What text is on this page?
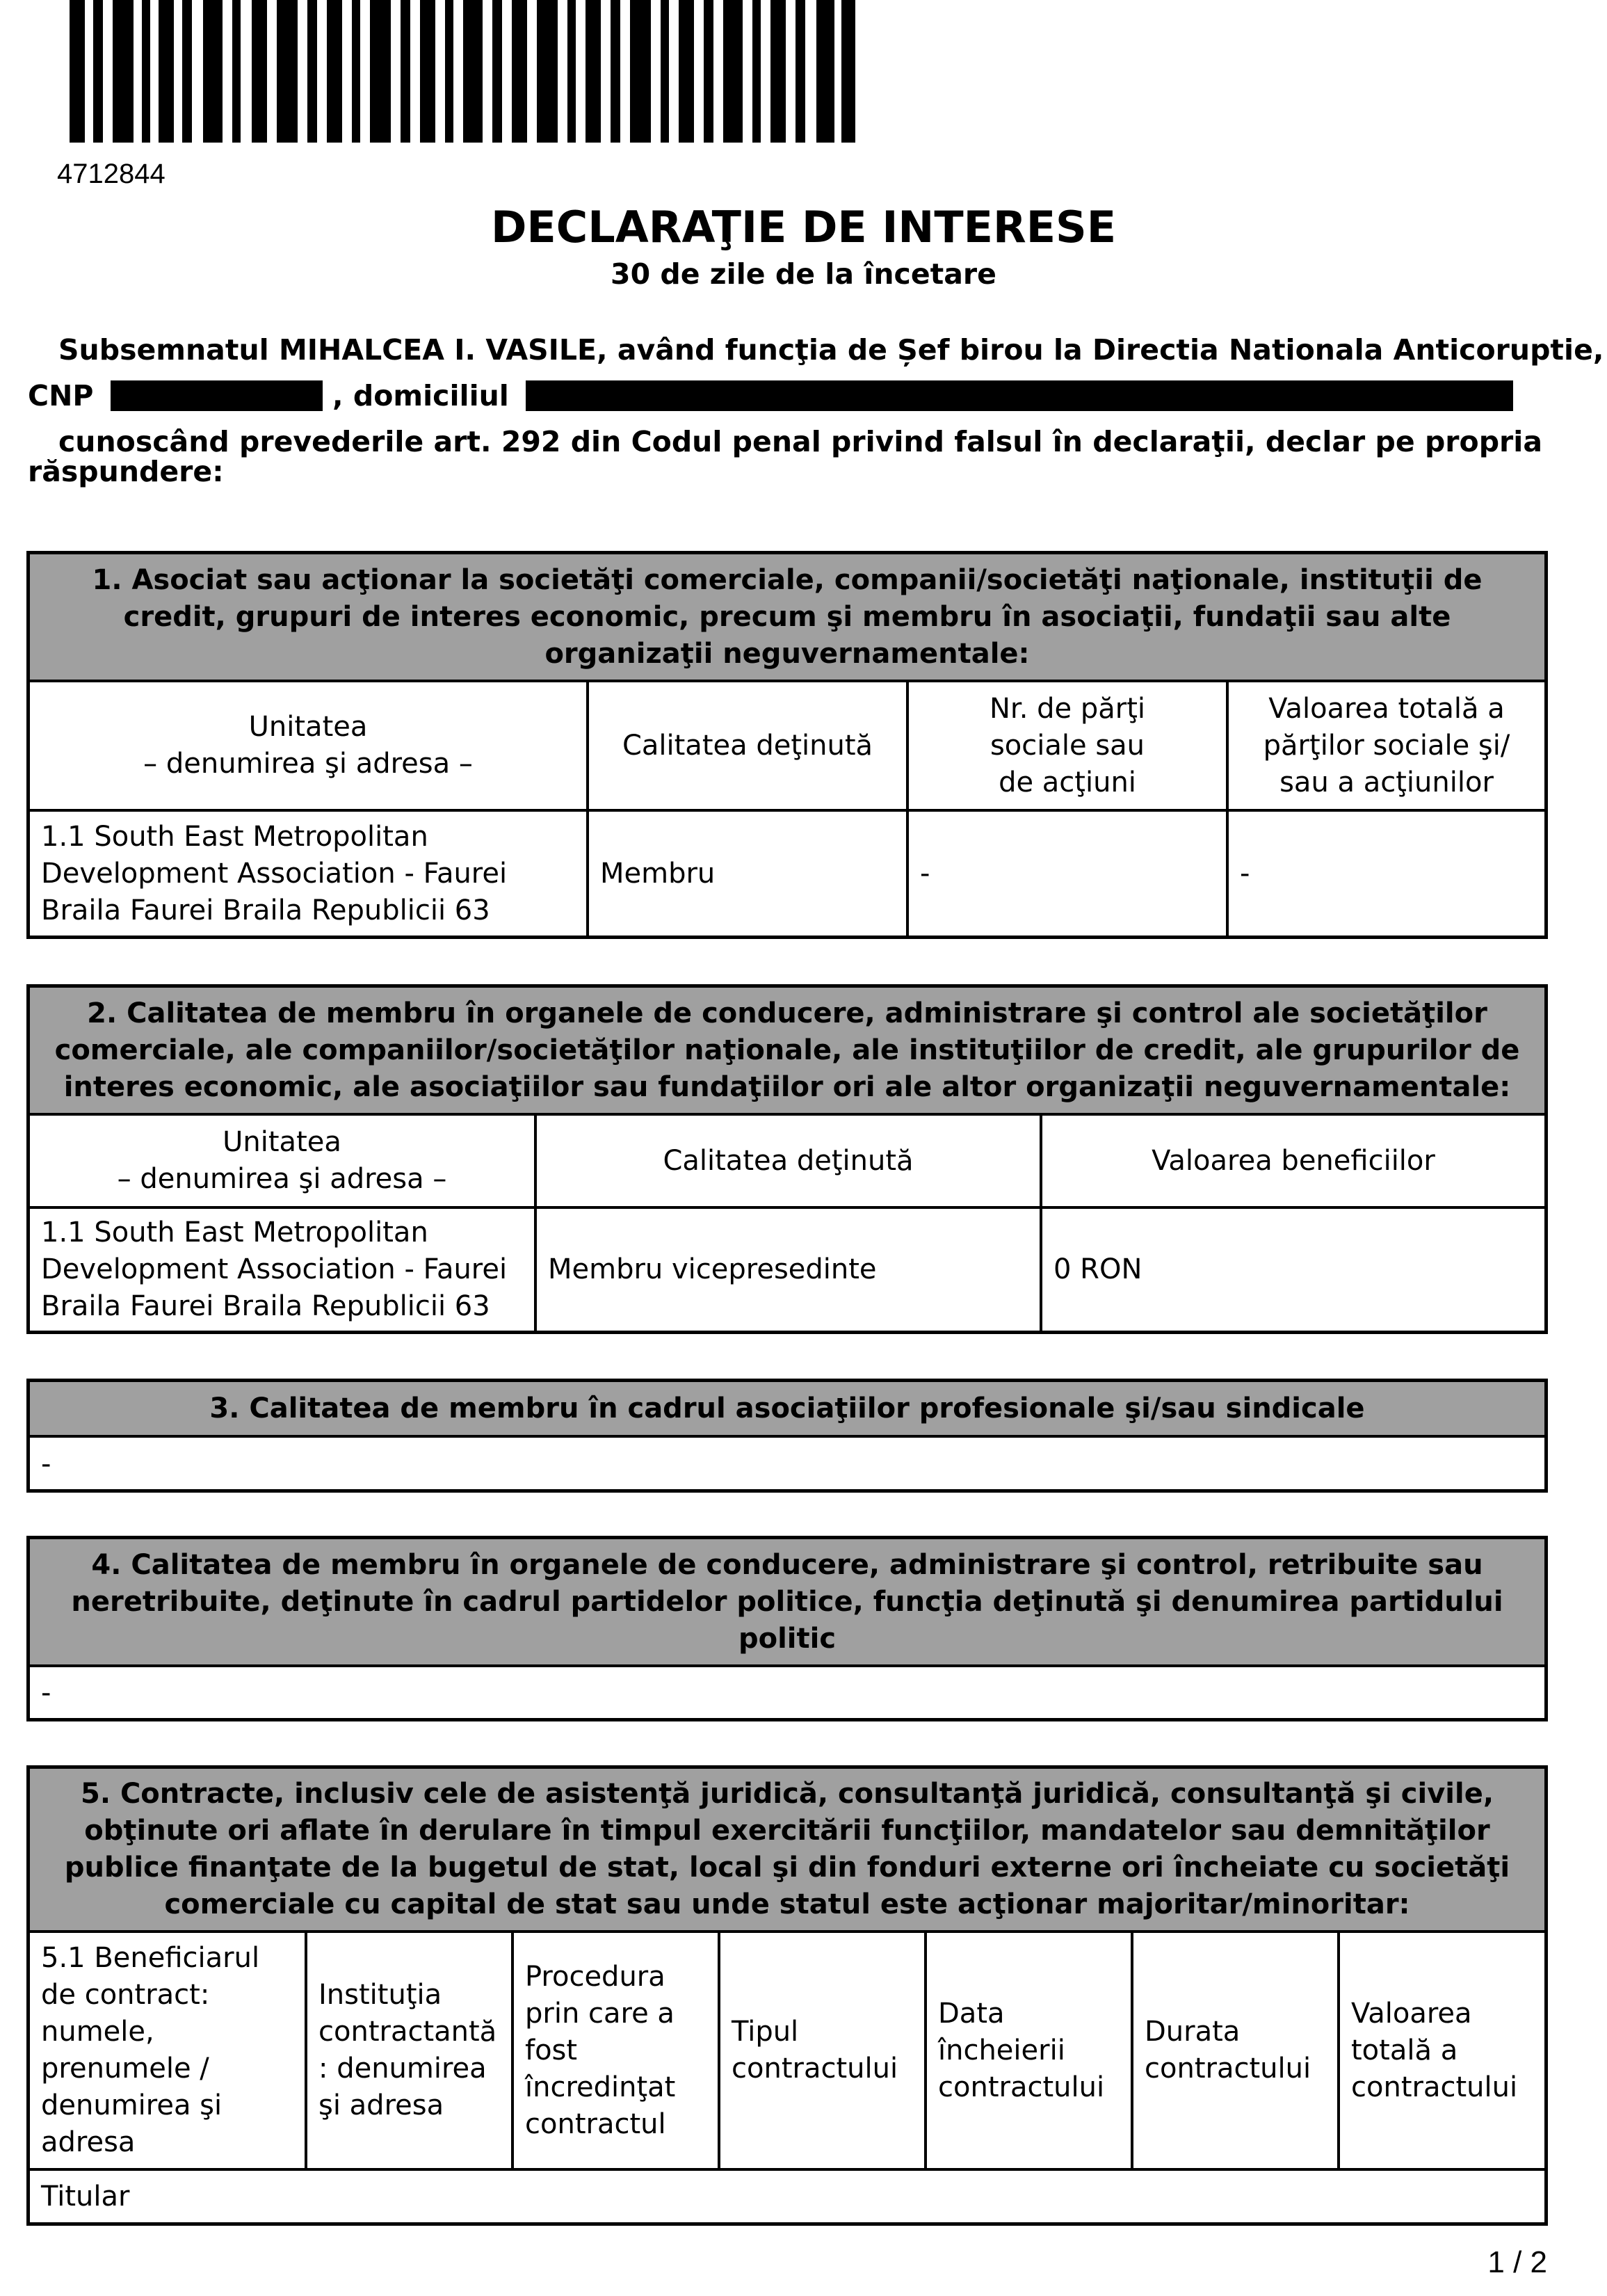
4712844
DECLARAŢIE DE INTERESE
30 de zile de la încetare
Subsemnatul MIHALCEA I. VASILE, având funcţia de Șef birou la Directia Nationala Anticoruptie,
CNP	, domiciliul
cunoscând prevederile art. 292 din Codul penal privind falsul în declaraţii, declar pe propria
răspundere:
1. Asociat sau acţionar la societăţi comerciale, companii/societăţi naţionale, instituţii de credit, grupuri de interes economic, precum şi membru în asociaţii, fundaţii sau alte organizaţii neguvernamentale:
Unitatea
– denumirea şi adresa –	Calitatea deţinută	Nr. de părţi
sociale sau
de acţiuni	Valoarea totală a
părţilor sociale şi/
sau a acţiunilor
1.1 South East Metropolitan Development Association - Faurei Braila Faurei Braila Republicii 63	Membru	-	-
2. Calitatea de membru în organele de conducere, administrare şi control ale societăţilor comerciale, ale companiilor/societăţilor naţionale, ale instituţiilor de credit, ale grupurilor de interes economic, ale asociaţiilor sau fundaţiilor ori ale altor organizaţii neguvernamentale:
Unitatea
– denumirea şi adresa –	Calitatea deţinută	Valoarea beneficiilor
1.1 South East Metropolitan Development Association - Faurei Braila Faurei Braila Republicii 63	Membru vicepresedinte	0 RON
3. Calitatea de membru în cadrul asociaţiilor profesionale şi/sau sindicale
-
4. Calitatea de membru în organele de conducere, administrare şi control, retribuite sau neretribuite, deţinute în cadrul partidelor politice, funcţia deţinută şi denumirea partidului politic
-
5. Contracte, inclusiv cele de asistenţă juridică, consultanţă juridică, consultanţă şi civile, obţinute ori aflate în derulare în timpul exercitării funcţiilor, mandatelor sau demnităţilor publice finanţate de la bugetul de stat, local şi din fonduri externe ori încheiate cu societăţi comerciale cu capital de stat sau unde statul este acţionar majoritar/minoritar:
5.1 Beneficiarul de contract: numele, prenumele / denumirea şi adresa	Instituţia contractantă : denumirea şi adresa	Procedura prin care a fost încredinţat contractul	Tipul contractului	Data încheierii contractului	Durata contractului	Valoarea totală a contractului
Titular
1 / 2
